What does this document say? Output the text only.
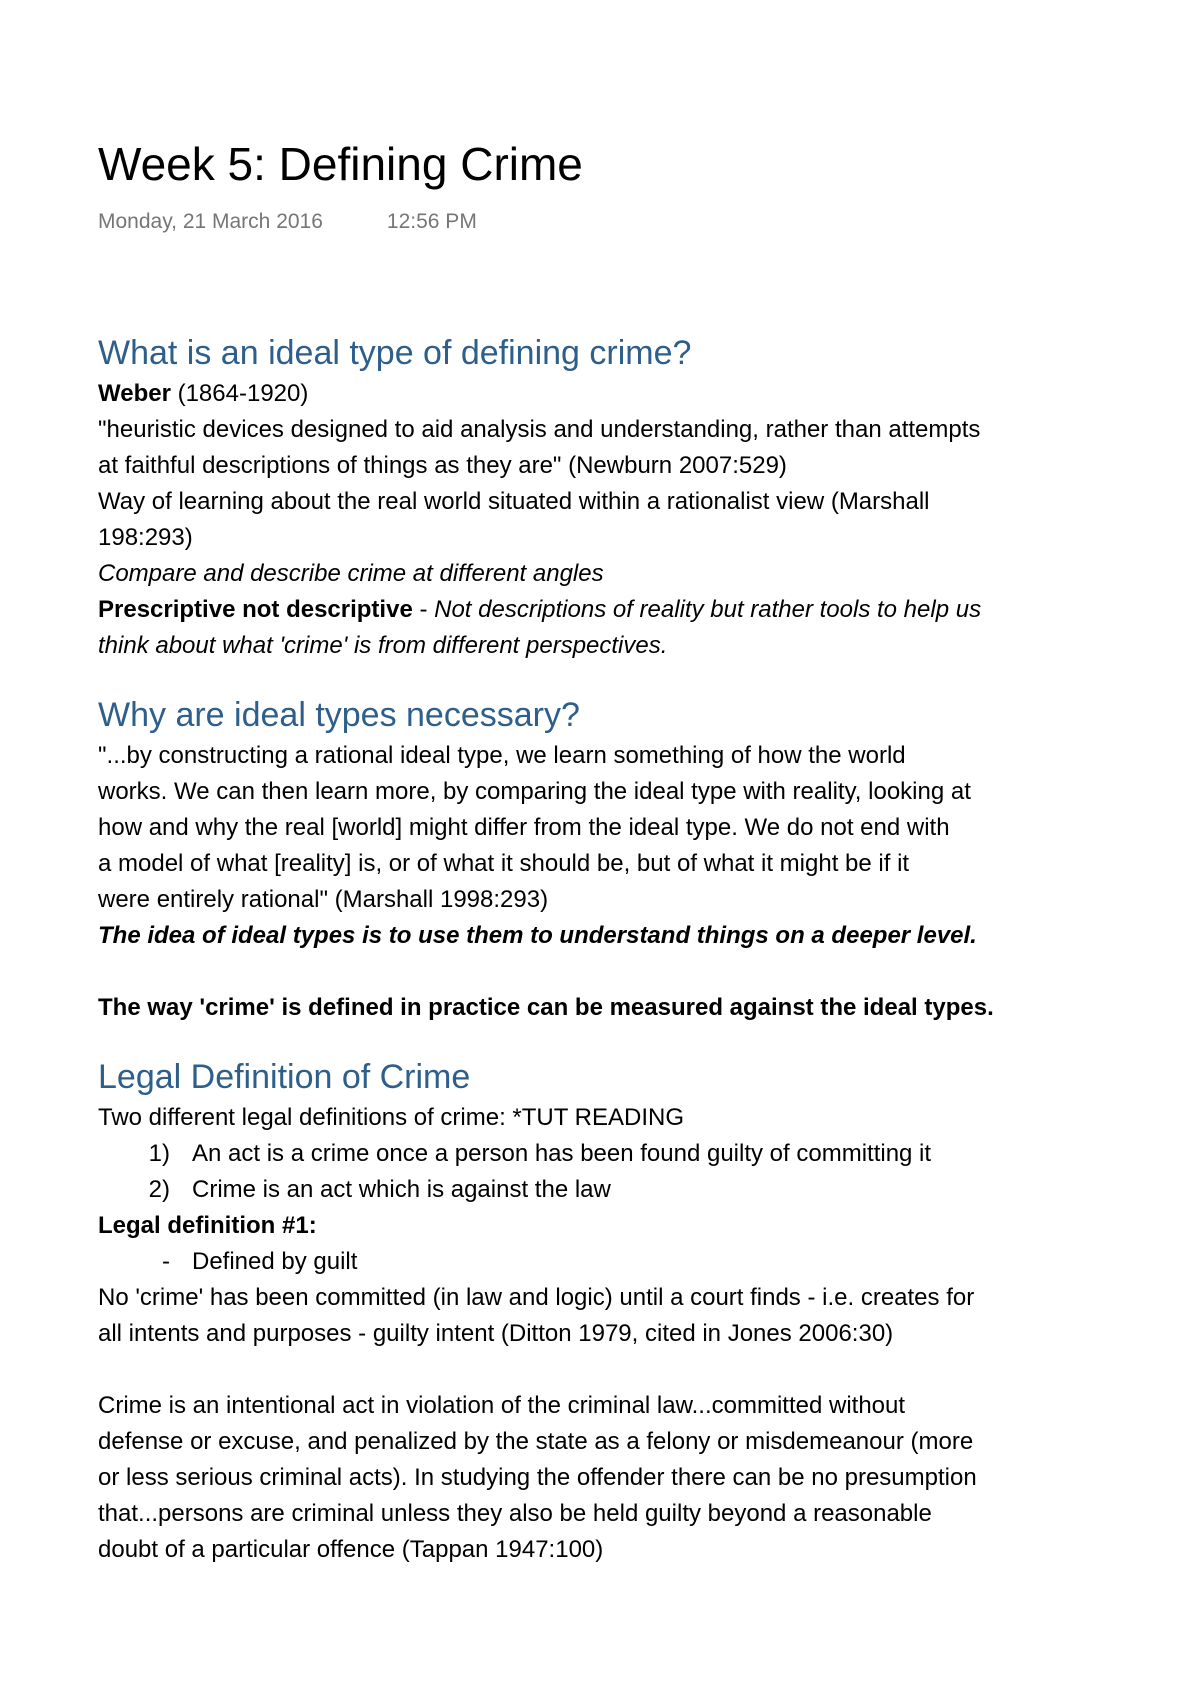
Week 5: Defining Crime
Monday, 21 March 2016	12:56 PM
What is an ideal type of defining crime?

Weber (1864-1920)

"heuristic devices designed to aid analysis and understanding, rather than attempts

at faithful descriptions of things as they are" (Newburn 2007:529)

Way of learning about the real world situated within a rationalist view (Marshall

198:293)

Compare and describe crime at different angles

Prescriptive not descriptive - Not descriptions of reality but rather tools to help us

think about what 'crime' is from different perspectives.

Why are ideal types necessary?

"...by constructing a rational ideal type, we learn something of how the world

works. We can then learn more, by comparing the ideal type with reality, looking at

how and why the real [world] might differ from the ideal type. We do not end with

a model of what [reality] is, or of what it should be, but of what it might be if it

were entirely rational" (Marshall 1998:293)

The idea of ideal types is to use them to understand things on a deeper level.

The way 'crime' is defined in practice can be measured against the ideal types.

Legal Definition of Crime

Two different legal definitions of crime: *TUT READING

1) An act is a crime once a person has been found guilty of committing it
2) Crime is an act which is against the law

Legal definition #1:

- Defined by guilt

No 'crime' has been committed (in law and logic) until a court finds - i.e. creates for

all intents and purposes - guilty intent (Ditton 1979, cited in Jones 2006:30)

Crime is an intentional act in violation of the criminal law...committed without

defense or excuse, and penalized by the state as a felony or misdemeanour (more

or less serious criminal acts). In studying the offender there can be no presumption

that...persons are criminal unless they also be held guilty beyond a reasonable

doubt of a particular offence (Tappan 1947:100)
